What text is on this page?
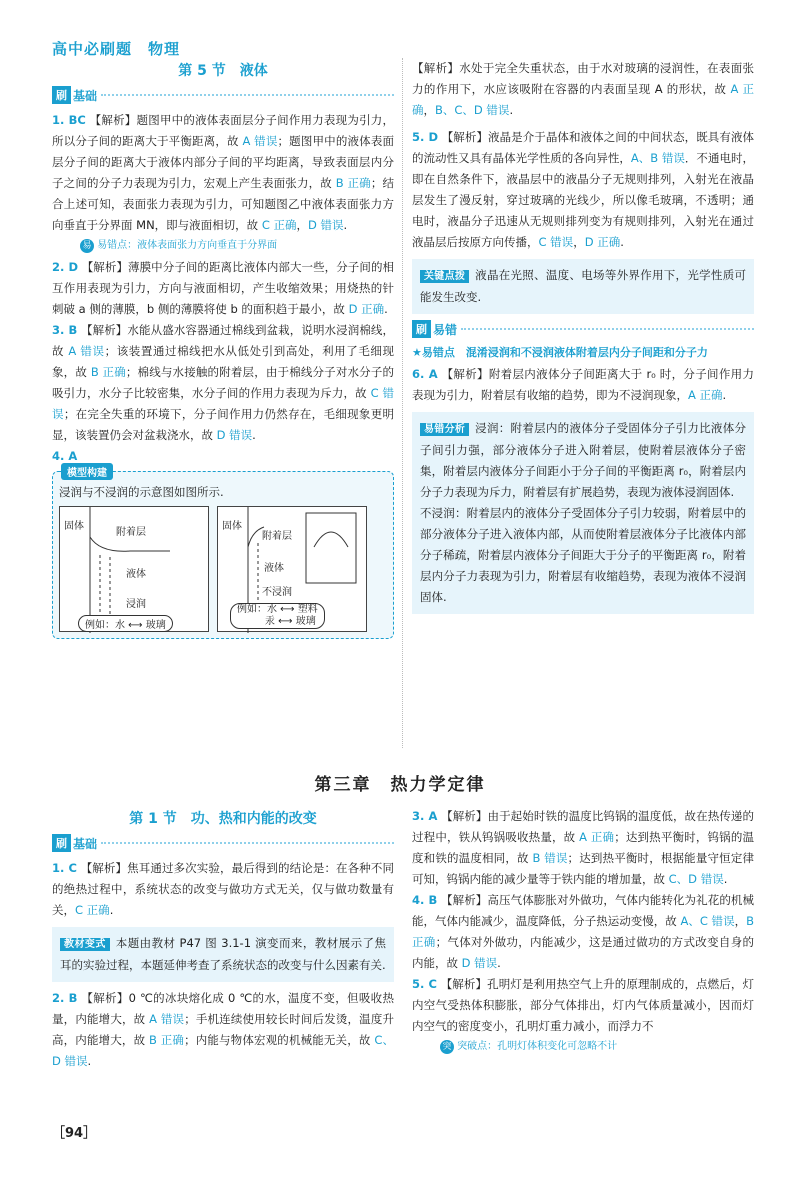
高中必刷题　物理
第 5 节　液体
刷 基础

1. BC 【解析】题图甲中的液体表面层分子间作用力表现为引力，所以分子间的距离大于平衡距离，故 A 错误；题图甲中的液体表面层分子间的距离大于液体内部分子间的平均距离，导致表面层内分子之间的分子力表现为引力，宏观上产生表面张力，故 B 正确；结合上述可知，表面张力表现为引力，可知题图乙中液体表面张力方向垂直于分界面 MN，即与液面相切，故 C 正确，D 错误.

易 易错点：液体表面张力方向垂直于分界面

2. D 【解析】薄膜中分子间的距离比液体内部大一些，分子间的相互作用表现为引力，方向与液面相切，产生收缩效果；用烧热的针刺破 a 侧的薄膜，b 侧的薄膜将使 b 的面积趋于最小，故 D 正确.

3. B 【解析】水能从盛水容器通过棉线到盆栽，说明水浸润棉线，故 A 错误；该装置通过棉线把水从低处引到高处，利用了毛细现象，故 B 正确；棉线与水接触的附着层，由于棉线分子对水分子的吸引力，水分子比较密集，水分子间的作用力表现为斥力，故 C 错误；在完全失重的环境下，分子间作用力仍然存在，毛细现象更明显，该装置仍会对盆栽浇水，故 D 错误.

4. A

模型构建
浸润与不浸润的示意图如图所示.
固体
附着层
液体
浸润
例如：水 ⟷ 玻璃
固体
附着层
液体
不浸润
例如：水 ⟷ 塑料
汞 ⟷ 玻璃

【解析】水处于完全失重状态，由于水对玻璃的浸润性，在表面张力的作用下，水应该吸附在容器的内表面呈现 A 的形状，故 A 正确，B、C、D 错误.

5. D 【解析】液晶是介于晶体和液体之间的中间状态，既具有液体的流动性又具有晶体光学性质的各向异性，A、B 错误．不通电时，即在自然条件下，液晶层中的液晶分子无规则排列，入射光在液晶层发生了漫反射，穿过玻璃的光线少，所以像毛玻璃，不透明；通电时，液晶分子迅速从无规则排列变为有规则排列，入射光在通过液晶层后按原方向传播，C 错误，D 正确.

关键点拨 液晶在光照、温度、电场等外界作用下，光学性质可能发生改变.
刷 易错
★易错点　混淆浸润和不浸润液体附着层内分子间距和分子力

6. A 【解析】附着层内液体分子间距离大于 r₀ 时，分子间作用力表现为引力，附着层有收缩的趋势，即为不浸润现象，A 正确.

易错分析 浸润：附着层内的液体分子受固体分子引力比液体分子间引力强，部分液体分子进入附着层，使附着层液体分子密集，附着层内液体分子间距小于分子间的平衡距离 r₀，附着层内分子力表现为斥力，附着层有扩展趋势，表现为液体浸润固体.
不浸润：附着层内的液体分子受固体分子引力较弱，附着层中的部分液体分子进入液体内部，从而使附着层液体分子比液体内部分子稀疏，附着层内液体分子间距大于分子的平衡距离 r₀，附着层内分子力表现为引力，附着层有收缩趋势，表现为液体不浸润固体.
第三章　热力学定律
第 1 节　功、热和内能的改变
刷 基础

1. C 【解析】焦耳通过多次实验，最后得到的结论是：在各种不同的绝热过程中，系统状态的改变与做功方式无关，仅与做功数量有关，C 正确.

教材变式 本题由教材 P47 图 3.1-1 演变而来，教材展示了焦耳的实验过程，本题延伸考查了系统状态的改变与什么因素有关.

2. B 【解析】0 ℃的冰块熔化成 0 ℃的水，温度不变，但吸收热量，内能增大，故 A 错误；手机连续使用较长时间后发烫，温度升高，内能增大，故 B 正确；内能与物体宏观的机械能无关，故 C、D 错误.

3. A 【解析】由于起始时铁的温度比钨锅的温度低，故在热传递的过程中，铁从钨锅吸收热量，故 A 正确；达到热平衡时，钨锅的温度和铁的温度相同，故 B 错误；达到热平衡时，根据能量守恒定律可知，钨锅内能的减少量等于铁内能的增加量，故 C、D 错误.

4. B 【解析】高压气体膨胀对外做功，气体内能转化为礼花的机械能，气体内能减少，温度降低，分子热运动变慢，故 A、C 错误，B 正确；气体对外做功，内能减少，这是通过做功的方式改变自身的内能，故 D 错误.

5. C 【解析】孔明灯是利用热空气上升的原理制成的，点燃后，灯内空气受热体积膨胀，部分气体排出，灯内气体质量减小，因而灯内空气的密度变小，孔明灯重力减小，而浮力不

突 突破点：孔明灯体积变化可忽略不计
［94］
